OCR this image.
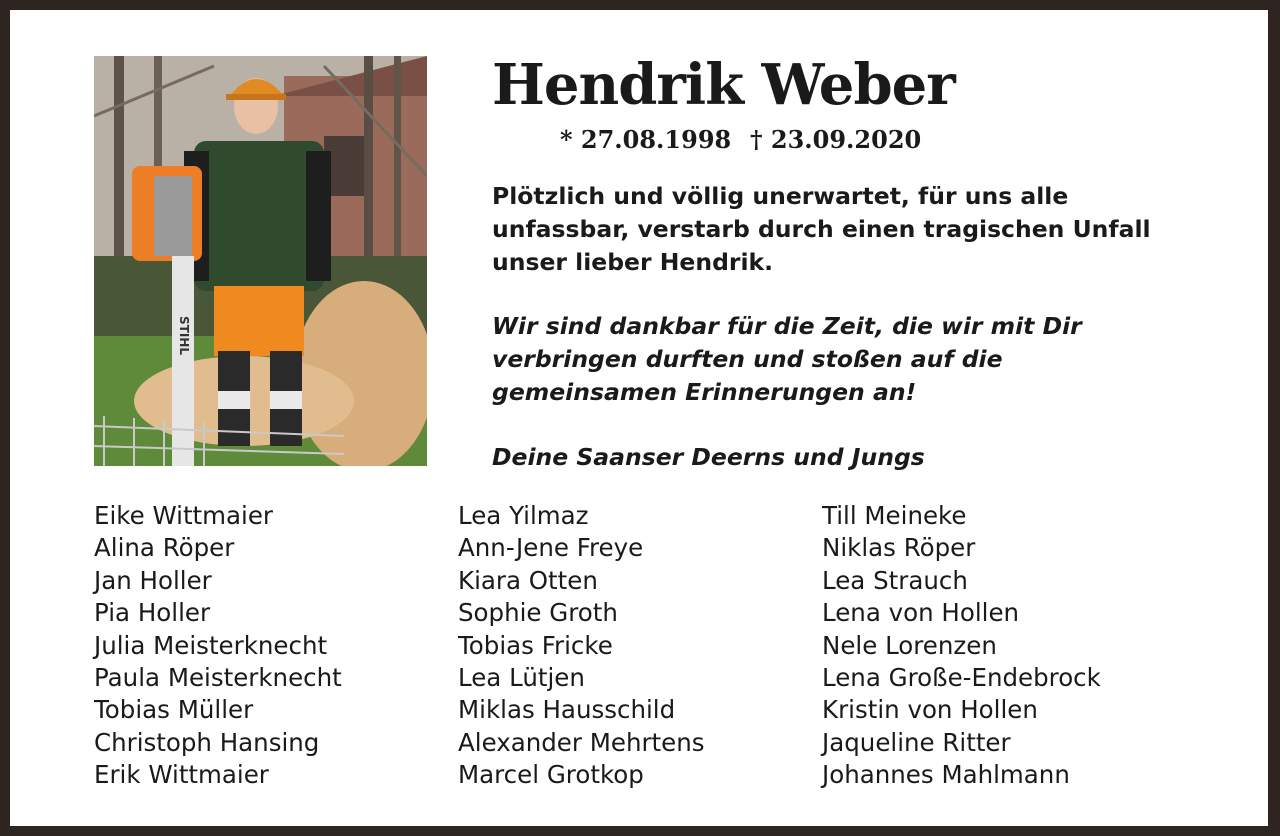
STIHL
Hendrik Weber
* 27.08.1998 † 23.09.2020
Plötzlich und völlig unerwartet, für uns alle
unfassbar, verstarb durch einen tragischen Unfall
unser lieber Hendrik.
Wir sind dankbar für die Zeit, die wir mit Dir
verbringen durften und stoßen auf die
gemeinsamen Erinnerungen an!
Deine Saanser Deerns und Jungs
Eike Wittmaier
Alina Röper
Jan Holler
Pia Holler
Julia Meisterknecht
Paula Meisterknecht
Tobias Müller
Christoph Hansing
Erik Wittmaier
Lea Yilmaz
Ann-Jene Freye
Kiara Otten
Sophie Groth
Tobias Fricke
Lea Lütjen
Miklas Hausschild
Alexander Mehrtens
Marcel Grotkop
Till Meineke
Niklas Röper
Lea Strauch
Lena von Hollen
Nele Lorenzen
Lena Große-Endebrock
Kristin von Hollen
Jaqueline Ritter
Johannes Mahlmann
